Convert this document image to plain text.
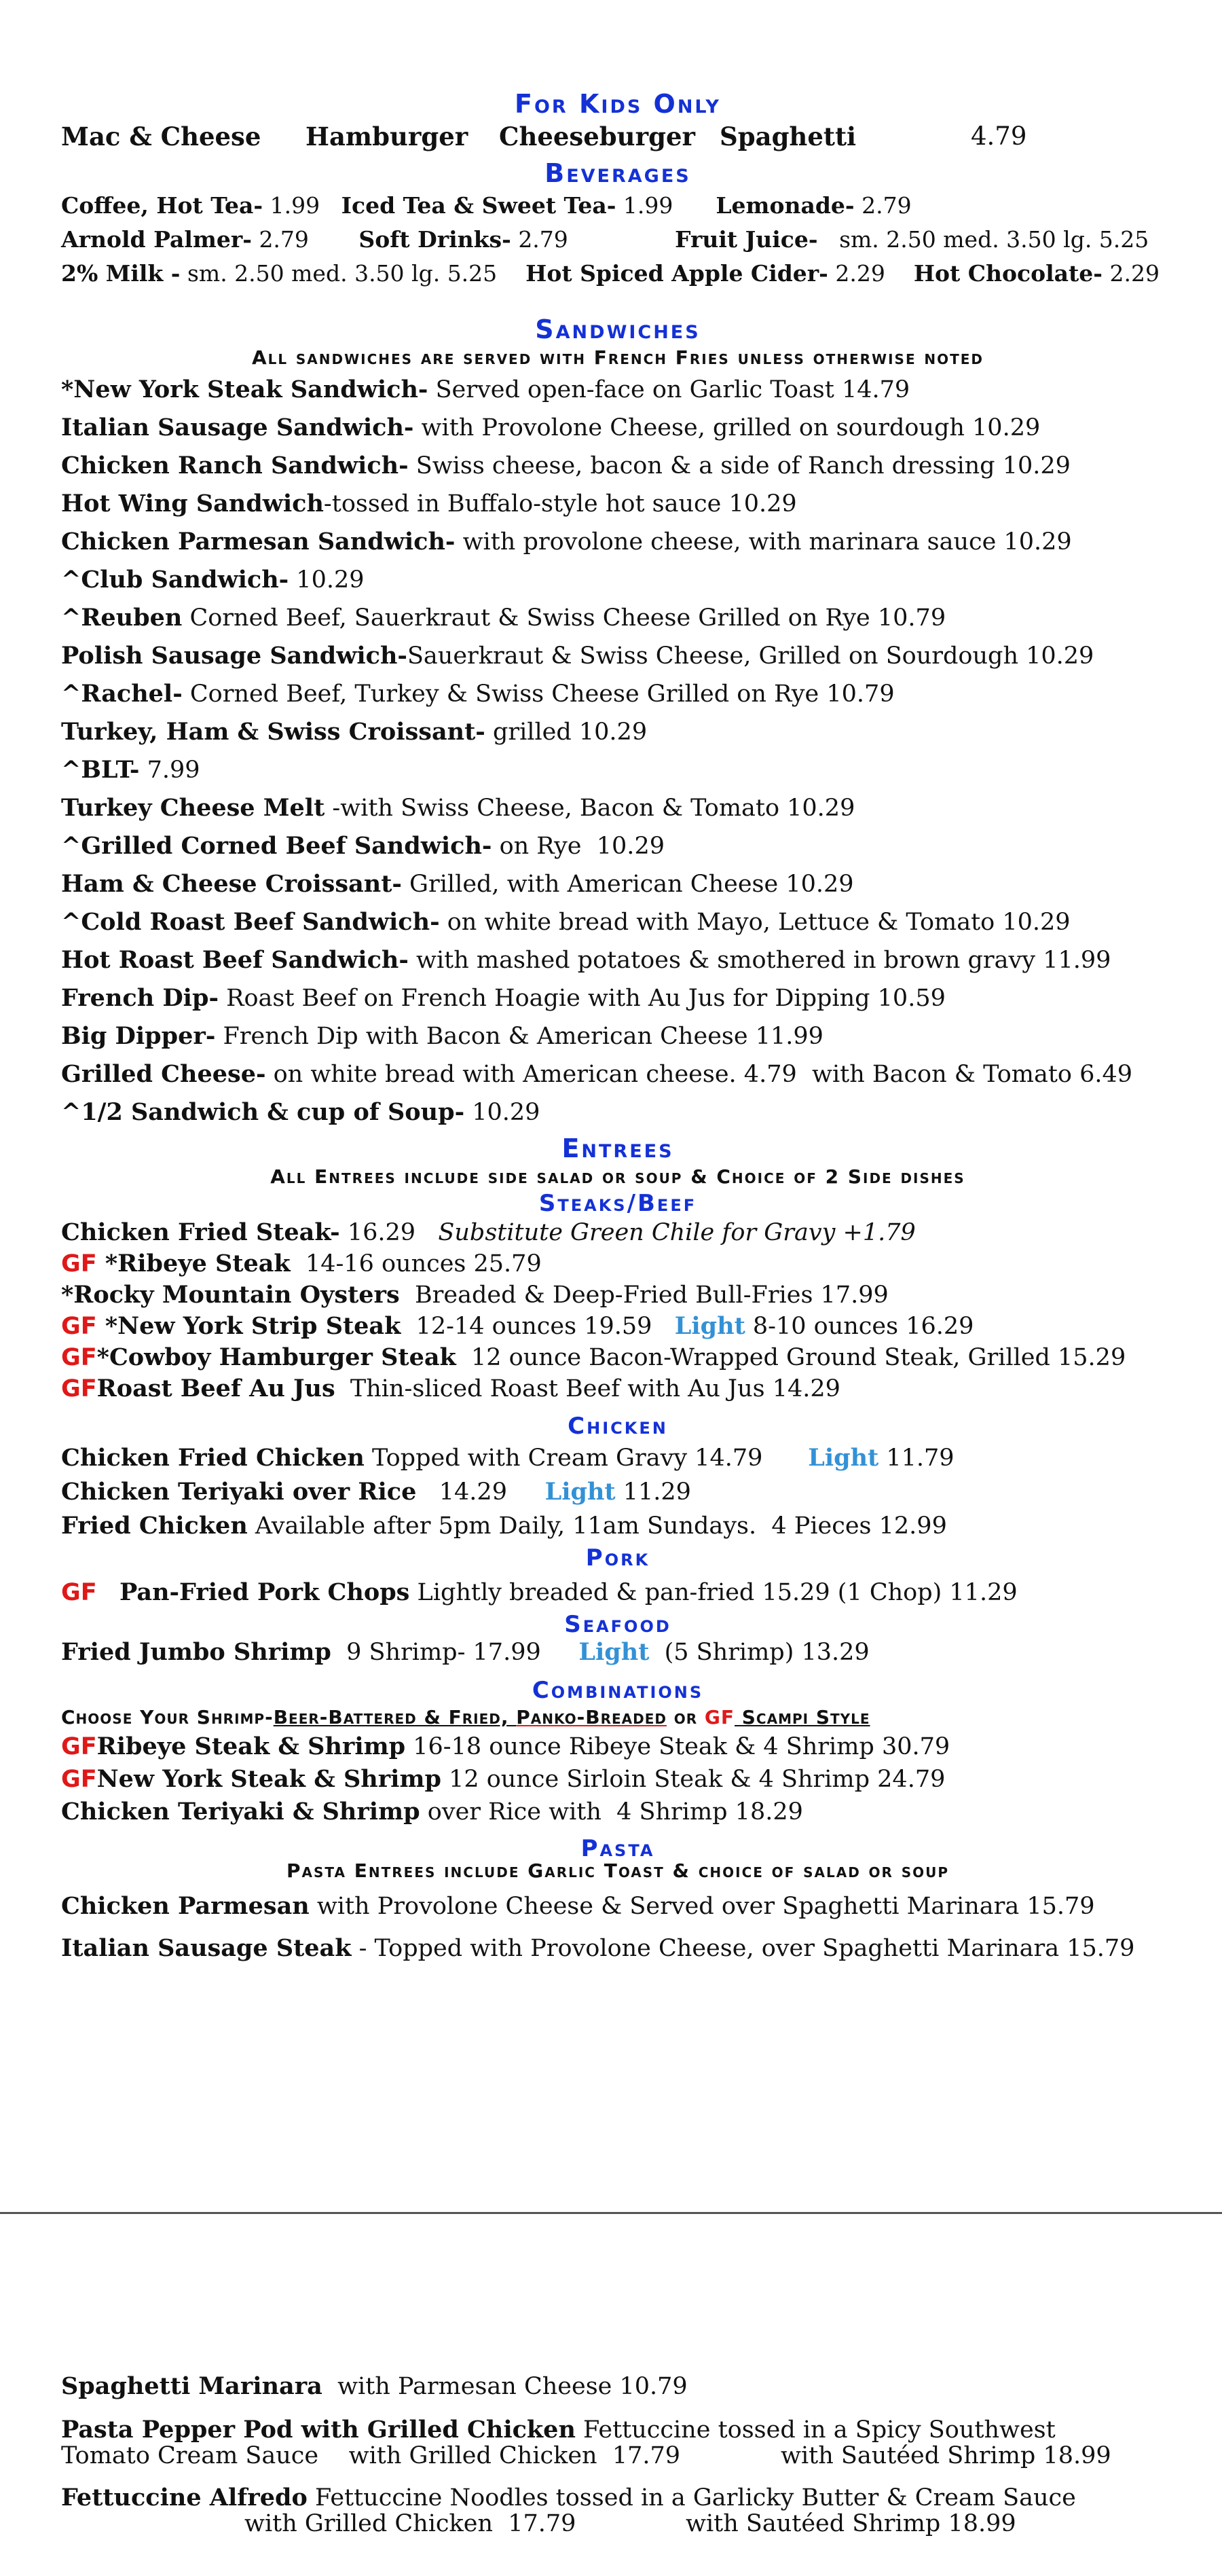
For Kids Only
Mac & Cheese	Hamburger	Cheeseburger Spaghetti	4.79
Beverages
Coffee, Hot Tea- 1.99 Iced Tea & Sweet Tea- 1.99 Lemonade- 2.79
Arnold Palmer- 2.79 Soft Drinks- 2.79	Fruit Juice- sm. 2.50 med. 3.50 lg. 5.25
2% Milk - sm. 2.50 med. 3.50 lg. 5.25 Hot Spiced Apple Cider- 2.29 Hot Chocolate- 2.29
Sandwiches
All sandwiches are served with French Fries unless otherwise noted
*New York Steak Sandwich- Served open-face on Garlic Toast 14.79
Italian Sausage Sandwich- with Provolone Cheese, grilled on sourdough 10.29
Chicken Ranch Sandwich- Swiss cheese, bacon & a side of Ranch dressing 10.29
Hot Wing Sandwich-tossed in Buffalo-style hot sauce 10.29
Chicken Parmesan Sandwich- with provolone cheese, with marinara sauce 10.29
^Club Sandwich- 10.29
^Reuben Corned Beef, Sauerkraut & Swiss Cheese Grilled on Rye 10.79
Polish Sausage Sandwich-Sauerkraut & Swiss Cheese, Grilled on Sourdough 10.29
^Rachel- Corned Beef, Turkey & Swiss Cheese Grilled on Rye 10.79
Turkey, Ham & Swiss Croissant- grilled 10.29
^BLT- 7.99
Turkey Cheese Melt -with Swiss Cheese, Bacon & Tomato 10.29
^Grilled Corned Beef Sandwich- on Rye  10.29
Ham & Cheese Croissant- Grilled, with American Cheese 10.29
^Cold Roast Beef Sandwich- on white bread with Mayo, Lettuce & Tomato 10.29
Hot Roast Beef Sandwich- with mashed potatoes & smothered in brown gravy 11.99
French Dip- Roast Beef on French Hoagie with Au Jus for Dipping 10.59
Big Dipper- French Dip with Bacon & American Cheese 11.99
Grilled Cheese- on white bread with American cheese. 4.79  with Bacon & Tomato 6.49
^1/2 Sandwich & cup of Soup- 10.29
Entrees
All Entrees include side salad or soup & Choice of 2 Side dishes
Steaks/Beef
Chicken Fried Steak- 16.29   Substitute Green Chile for Gravy +1.79
GF *Ribeye Steak  14-16 ounces 25.79
*Rocky Mountain Oysters  Breaded & Deep-Fried Bull-Fries 17.99
GF *New York Strip Steak  12-14 ounces 19.59   Light 8-10 ounces 16.29
GF*Cowboy Hamburger Steak  12 ounce Bacon-Wrapped Ground Steak, Grilled 15.29
GFRoast Beef Au Jus  Thin-sliced Roast Beef with Au Jus 14.29
Chicken
Chicken Fried Chicken Topped with Cream Gravy 14.79      Light 11.79
Chicken Teriyaki over Rice   14.29     Light 11.29
Fried Chicken Available after 5pm Daily, 11am Sundays.  4 Pieces 12.99
Pork
GF Pan-Fried Pork Chops Lightly breaded & pan-fried 15.29 (1 Chop) 11.29
Seafood
Fried Jumbo Shrimp  9 Shrimp- 17.99     Light  (5 Shrimp) 13.29
Combinations
Choose Your Shrimp-Beer-Battered & Fried, Panko-Breaded or GF Scampi Style
GFRibeye Steak & Shrimp 16-18 ounce Ribeye Steak & 4 Shrimp 30.79
GFNew York Steak & Shrimp 12 ounce Sirloin Steak & 4 Shrimp 24.79
Chicken Teriyaki & Shrimp over Rice with  4 Shrimp 18.29
Pasta
Pasta Entrees include Garlic Toast & choice of salad or soup
Chicken Parmesan with Provolone Cheese & Served over Spaghetti Marinara 15.79
Italian Sausage Steak - Topped with Provolone Cheese, over Spaghetti Marinara 15.79
Spaghetti Marinara  with Parmesan Cheese 10.79
Pasta Pepper Pod with Grilled Chicken Fettuccine tossed in a Spicy Southwest
Tomato Cream Sauce    with Grilled Chicken  17.79	with Sautéed Shrimp 18.99
Fettuccine Alfredo Fettuccine Noodles tossed in a Garlicky Butter & Cream Sauce
with Grilled Chicken  17.79	with Sautéed Shrimp 18.99
